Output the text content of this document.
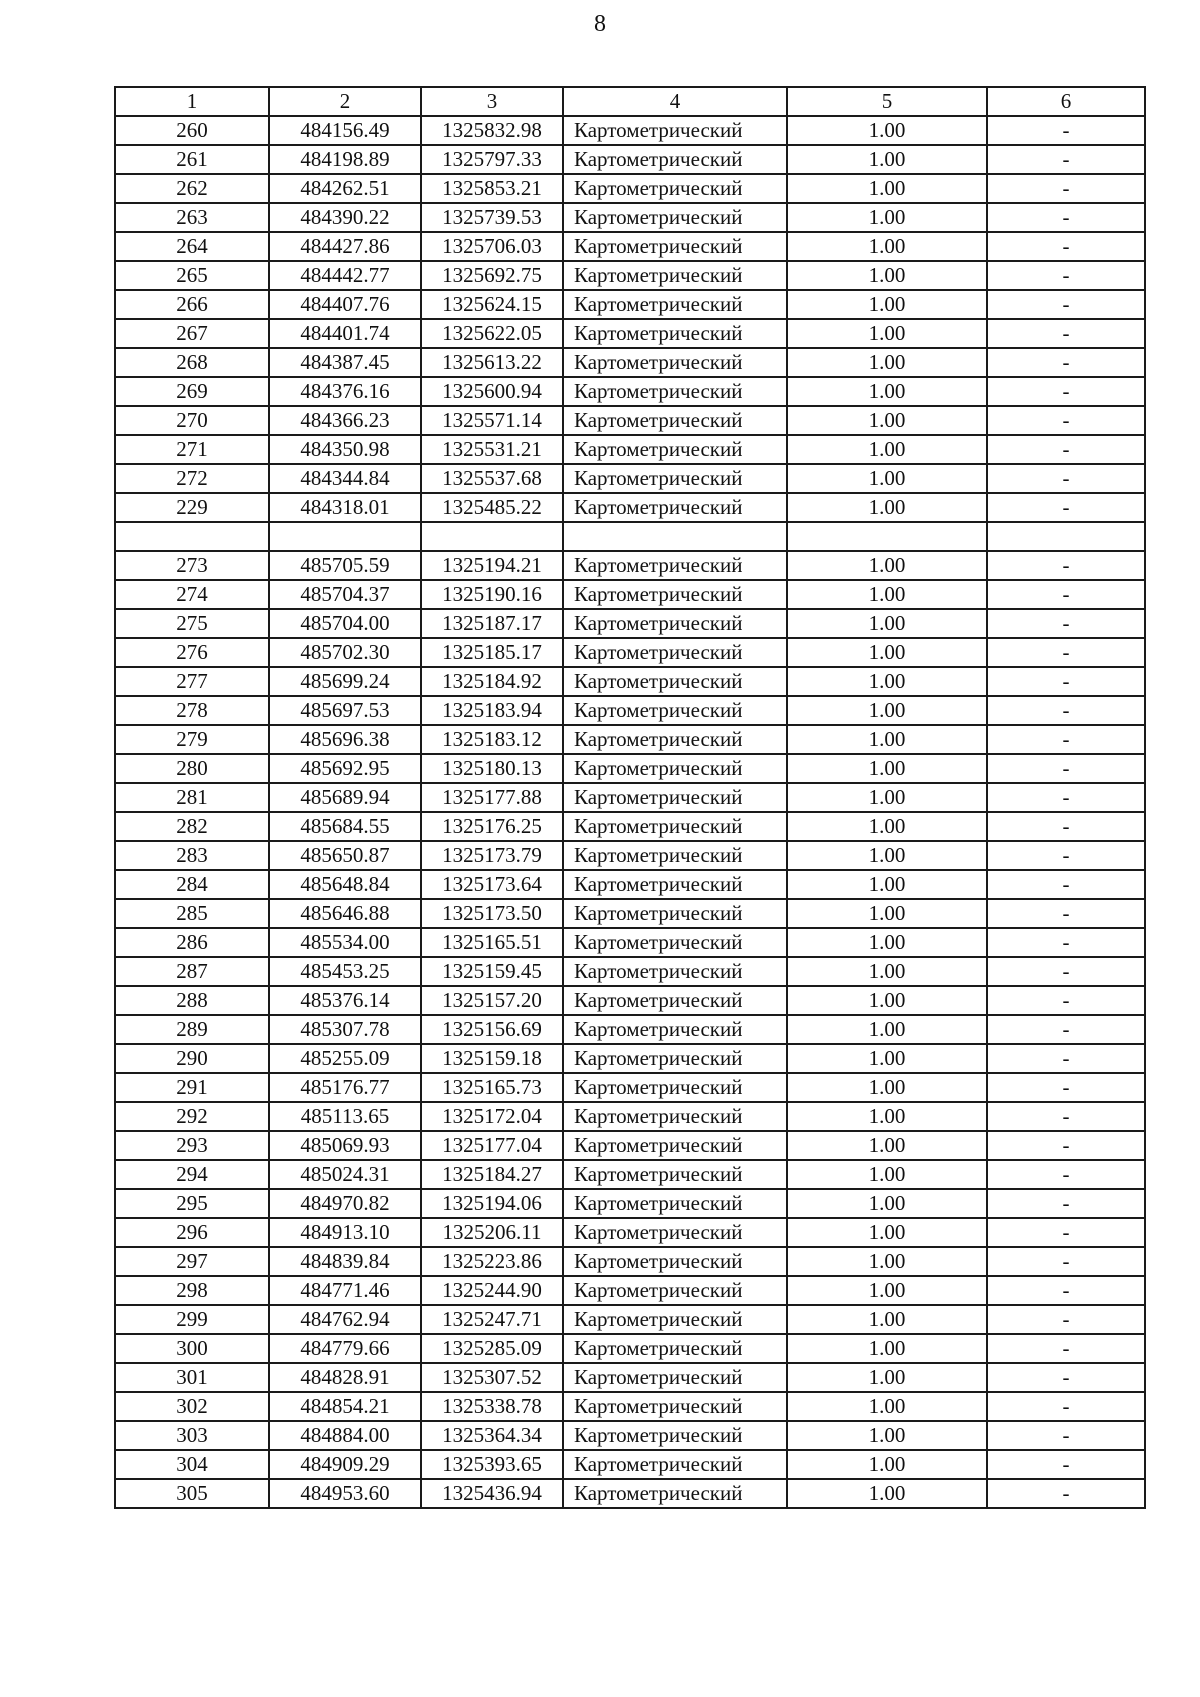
8
1	2	3	4	5	6
260	484156.49	1325832.98	Картометрический	1.00	-
261	484198.89	1325797.33	Картометрический	1.00	-
262	484262.51	1325853.21	Картометрический	1.00	-
263	484390.22	1325739.53	Картометрический	1.00	-
264	484427.86	1325706.03	Картометрический	1.00	-
265	484442.77	1325692.75	Картометрический	1.00	-
266	484407.76	1325624.15	Картометрический	1.00	-
267	484401.74	1325622.05	Картометрический	1.00	-
268	484387.45	1325613.22	Картометрический	1.00	-
269	484376.16	1325600.94	Картометрический	1.00	-
270	484366.23	1325571.14	Картометрический	1.00	-
271	484350.98	1325531.21	Картометрический	1.00	-
272	484344.84	1325537.68	Картометрический	1.00	-
229	484318.01	1325485.22	Картометрический	1.00	-

273	485705.59	1325194.21	Картометрический	1.00	-
274	485704.37	1325190.16	Картометрический	1.00	-
275	485704.00	1325187.17	Картометрический	1.00	-
276	485702.30	1325185.17	Картометрический	1.00	-
277	485699.24	1325184.92	Картометрический	1.00	-
278	485697.53	1325183.94	Картометрический	1.00	-
279	485696.38	1325183.12	Картометрический	1.00	-
280	485692.95	1325180.13	Картометрический	1.00	-
281	485689.94	1325177.88	Картометрический	1.00	-
282	485684.55	1325176.25	Картометрический	1.00	-
283	485650.87	1325173.79	Картометрический	1.00	-
284	485648.84	1325173.64	Картометрический	1.00	-
285	485646.88	1325173.50	Картометрический	1.00	-
286	485534.00	1325165.51	Картометрический	1.00	-
287	485453.25	1325159.45	Картометрический	1.00	-
288	485376.14	1325157.20	Картометрический	1.00	-
289	485307.78	1325156.69	Картометрический	1.00	-
290	485255.09	1325159.18	Картометрический	1.00	-
291	485176.77	1325165.73	Картометрический	1.00	-
292	485113.65	1325172.04	Картометрический	1.00	-
293	485069.93	1325177.04	Картометрический	1.00	-
294	485024.31	1325184.27	Картометрический	1.00	-
295	484970.82	1325194.06	Картометрический	1.00	-
296	484913.10	1325206.11	Картометрический	1.00	-
297	484839.84	1325223.86	Картометрический	1.00	-
298	484771.46	1325244.90	Картометрический	1.00	-
299	484762.94	1325247.71	Картометрический	1.00	-
300	484779.66	1325285.09	Картометрический	1.00	-
301	484828.91	1325307.52	Картометрический	1.00	-
302	484854.21	1325338.78	Картометрический	1.00	-
303	484884.00	1325364.34	Картометрический	1.00	-
304	484909.29	1325393.65	Картометрический	1.00	-
305	484953.60	1325436.94	Картометрический	1.00	-
